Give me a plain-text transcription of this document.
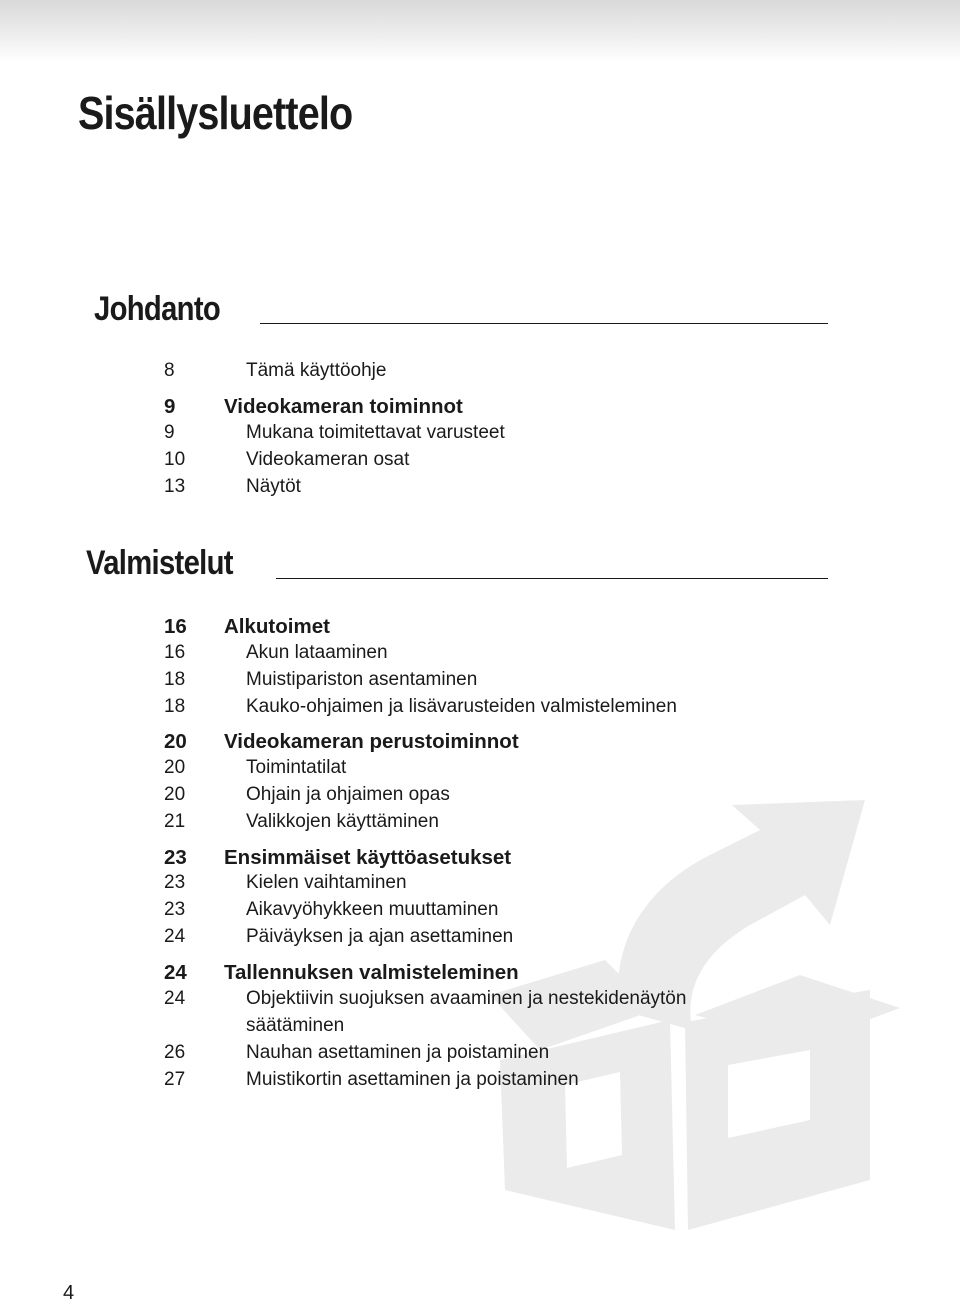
Sisällysluettelo
Johdanto
Valmistelut
8	Tämä käyttöohje
9 Videokameran toiminnot
9	Mukana toimitettavat varusteet
10	Videokameran osat
13	Näytöt
16 Alkutoimet
16	Akun lataaminen
18	Muistipariston asentaminen
18	Kauko-ohjaimen ja lisävarusteiden valmisteleminen
20 Videokameran perustoiminnot
20	Toimintatilat
20	Ohjain ja ohjaimen opas
21	Valikkojen käyttäminen
23 Ensimmäiset käyttöasetukset
23	Kielen vaihtaminen
23	Aikavyöhykkeen muuttaminen
24	Päiväyksen ja ajan asettaminen
24 Tallennuksen valmisteleminen
24	Objektiivin suojuksen avaaminen ja nestekidenäytön
säätäminen
26	Nauhan asettaminen ja poistaminen
27	Muistikortin asettaminen ja poistaminen
4
